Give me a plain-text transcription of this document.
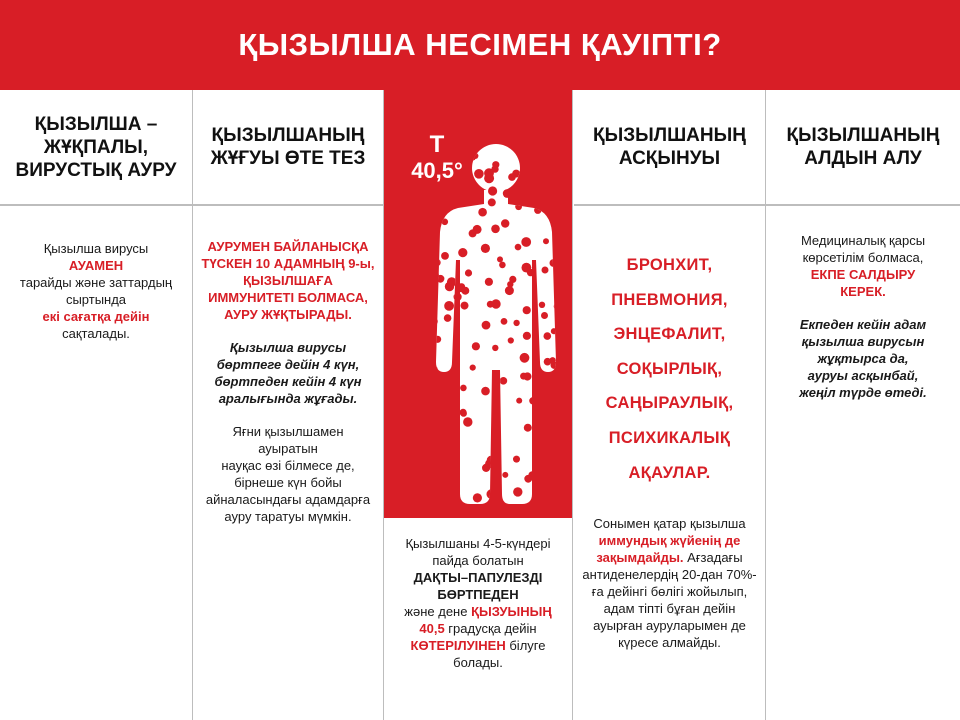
ҚЫЗЫЛША НЕСІМЕН ҚАУІПТІ?
ҚЫЗЫЛША –
ЖҰҚПАЛЫ,
ВИРУСТЫҚ АУРУ
Қызылша вирусы
АУАМЕН
тарайды және заттардың
сыртында
екі сағатқа дейін
сақталады.
ҚЫЗЫЛШАНЫҢ
ЖҰҒУЫ ӨТЕ ТЕЗ
АУРУМЕН БАЙЛАНЫСҚА
ТҮСКЕН 10 АДАМНЫҢ 9-ы,
ҚЫЗЫЛШАҒА
ИММУНИТЕТІ БОЛМАСА,
АУРУ ЖҰҚТЫРАДЫ.
Қызылша вирусы
бөртпеге дейін 4 күн,
бөртпеден кейін 4 күн
аралығында жұғады.
Яғни қызылшамен ауыратын
науқас өзі білмесе де,
бірнеше күн бойы
айналасындағы адамдарға
ауру таратуы мүмкін.
Т
40,5°
Қызылшаны 4-5-күндері
пайда болатын
ДАҚТЫ–ПАПУЛЕЗДІ
БӨРТПЕДЕН
және дене ҚЫЗУЫНЫҢ
40,5 градусқа дейін
КӨТЕРІЛУІНЕН білуге
болады.
ҚЫЗЫЛШАНЫҢ
АСҚЫНУЫ
БРОНХИТ,
ПНЕВМОНИЯ,
ЭНЦЕФАЛИТ,
СОҚЫРЛЫҚ,
САҢЫРАУЛЫҚ,
ПСИХИКАЛЫҚ
АҚАУЛАР.
Сонымен қатар қызылша
иммундық жүйенің де
зақымдайды. Ағзадағы
антиденелердің 20-дан 70%-
ға дейінгі бөлігі жойылып,
адам тіпті бұған дейін
ауырған ауруларымен де
күресе алмайды.
ҚЫЗЫЛШАНЫҢ
АЛДЫН АЛУ
Медициналық қарсы
көрсетілім болмаса,
ЕКПЕ САЛДЫРУ
КЕРЕК.
Екпеден кейін адам
қызылша вирусын
жұқтырса да,
ауруы асқынбай,
жеңіл түрде өтеді.
